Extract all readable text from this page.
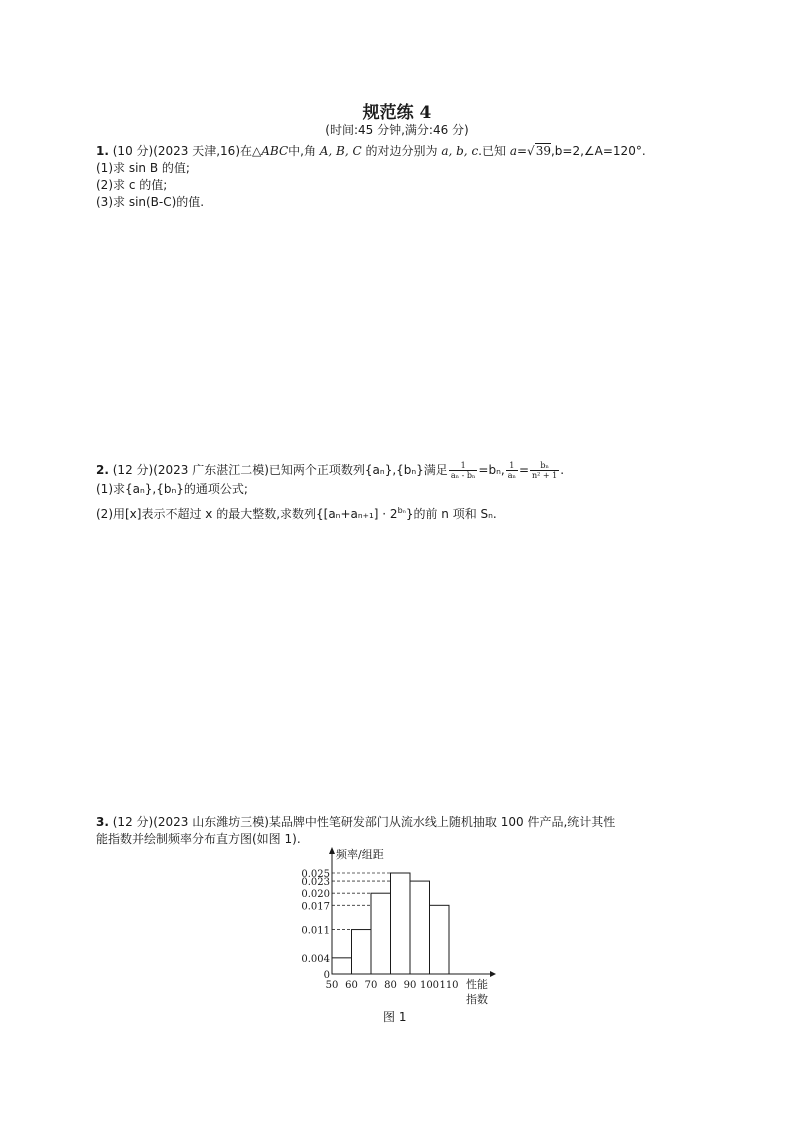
规范练 4
(时间:45 分钟,满分:46 分)
1. (10 分)(2023 天津,16)在△ABC中,角 A, B, C 的对边分别为 a, b, c.已知 a=√39,b=2,∠A=120°.
(1)求 sin B 的值;
(2)求 c 的值;
(3)求 sin(B-C)的值.
2. (12 分)(2023 广东湛江二模)已知两个正项数列{aₙ},{bₙ}满足 $\frac{1}{\text{aₙ - bₙ}} =b_n$, $\frac{1}{\text{aₙ}} = \frac{\text{bₙ}}{\text{n² + 1}}$ .
(1)求{aₙ},{bₙ}的通项公式;
(2)用[x]表示不超过 x 的最大整数,求数列$\{[a_n+a_{n+1}] \cdot 2^{b_n}\}$的前 n 项和 Sₙ.
3. (12 分)(2023 山东潍坊三模)某品牌中性笔研发部门从流水线上随机抽取 100 件产品,统计其性
能指数并绘制频率分布直方图(如图 1).
频率/组距
0
0.004
0.011
0.017
0.020
0.023
0.025
50 60 70 80 90 100 110 性能
指数
图 1
